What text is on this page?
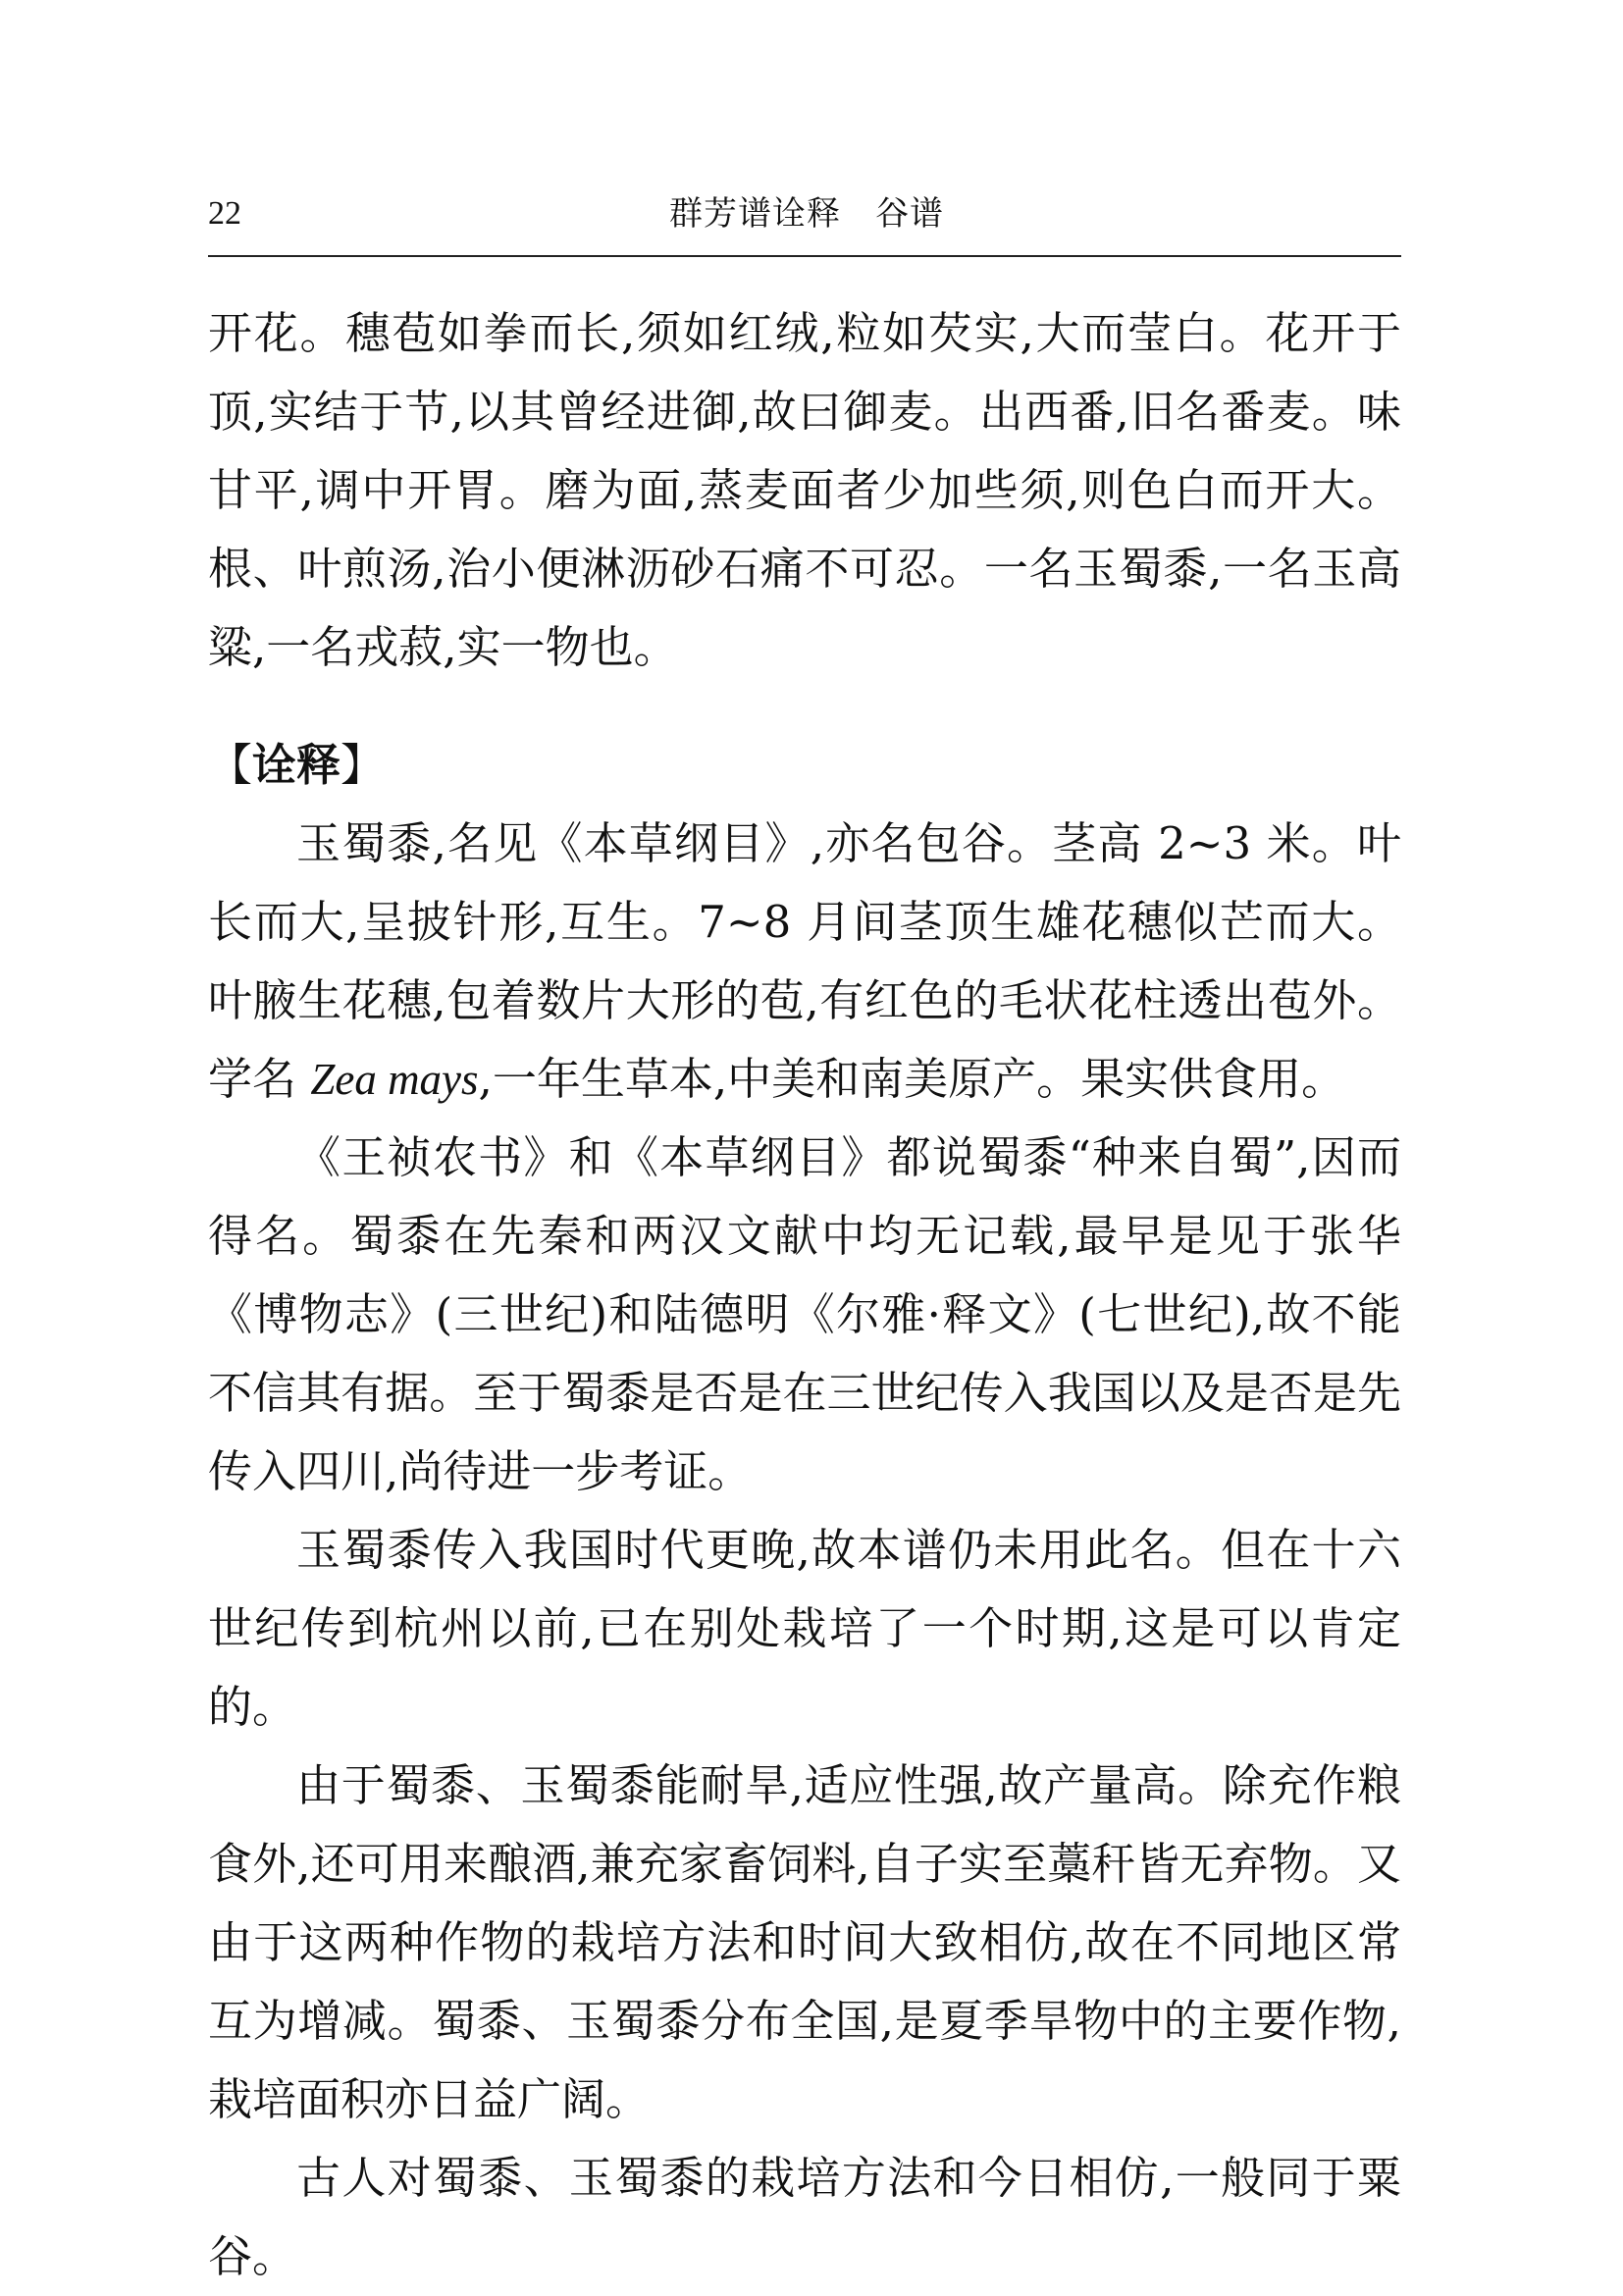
22	群芳谱诠释　谷谱

开花。穗苞如拳而长,须如红绒,粒如芡实,大而莹白。花开于顶,实结于节,以其曾经进御,故曰御麦。出西番,旧名番麦。味甘平,调中开胃。磨为面,蒸麦面者少加些须,则色白而开大。根、叶煎汤,治小便淋沥砂石痛不可忍。一名玉蜀黍,一名玉高粱,一名戎菽,实一物也。

【诠释】

玉蜀黍,名见《本草纲目》,亦名包谷。茎高 2~3 米。叶长而大,呈披针形,互生。7~8 月间茎顶生雄花穗似芒而大。叶腋生花穗,包着数片大形的苞,有红色的毛状花柱透出苞外。学名 Zea mays,一年生草本,中美和南美原产。果实供食用。

《王祯农书》和《本草纲目》都说蜀黍“种来自蜀”,因而得名。蜀黍在先秦和两汉文献中均无记载,最早是见于张华《博物志》(三世纪)和陆德明《尔雅·释文》(七世纪),故不能不信其有据。至于蜀黍是否是在三世纪传入我国以及是否是先传入四川,尚待进一步考证。

玉蜀黍传入我国时代更晚,故本谱仍未用此名。但在十六世纪传到杭州以前,已在别处栽培了一个时期,这是可以肯定的。

由于蜀黍、玉蜀黍能耐旱,适应性强,故产量高。除充作粮食外,还可用来酿酒,兼充家畜饲料,自子实至藁秆皆无弃物。又由于这两种作物的栽培方法和时间大致相仿,故在不同地区常互为增减。蜀黍、玉蜀黍分布全国,是夏季旱物中的主要作物,栽培面积亦日益广阔。

古人对蜀黍、玉蜀黍的栽培方法和今日相仿,一般同于粟谷。
